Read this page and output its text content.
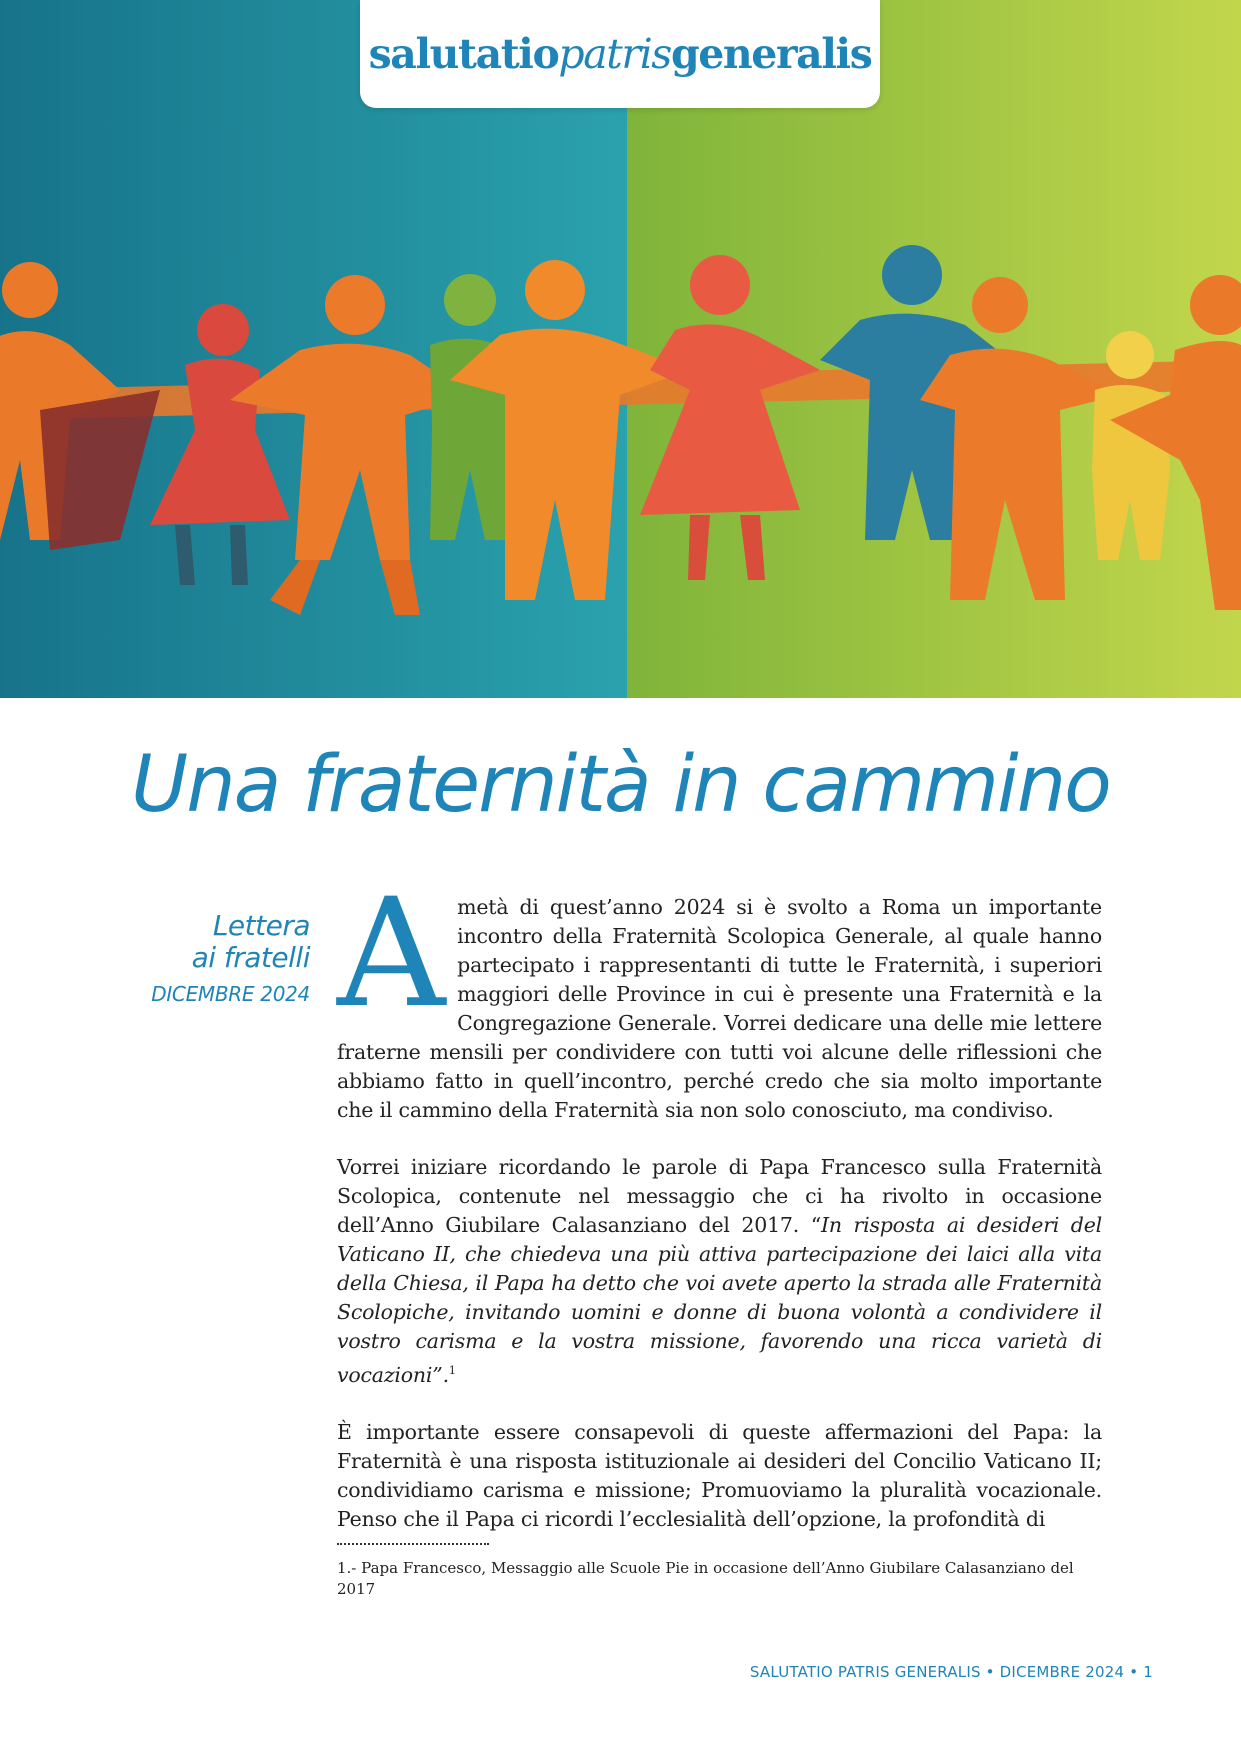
salutatiopatrisgeneralis
Una fraternità in cammino
Lettera
ai fratelli
DICEMBRE 2024 A metà di quest’anno 2024 si è svolto a Roma un importante incontro della Fraternità Scolopica Generale, al quale hanno partecipato i rappresentanti di tutte le Fraternità, i superiori maggiori delle Province in cui è presente una Fraternità e la Congregazione Generale. Vorrei dedicare una delle mie lettere fraterne mensili per condividere con tutti voi alcune delle riflessioni che abbiamo fatto in quell’incontro, perché credo che sia molto importante che il cammino della Fraternità sia non solo conosciuto, ma condiviso.

Vorrei iniziare ricordando le parole di Papa Francesco sulla Fraternità Scolopica, contenute nel messaggio che ci ha rivolto in occasione dell’Anno Giubilare Calasanziano del 2017. “In risposta ai desideri del Vaticano II, che chiedeva una più attiva partecipazione dei laici alla vita della Chiesa, il Papa ha detto che voi avete aperto la strada alle Fraternità Scolopiche, invitando uomini e donne di buona volontà a condividere il vostro carisma e la vostra missione, favorendo una ricca varietà di vocazioni”.$^1$

È importante essere consapevoli di queste affermazioni del Papa: la Fraternità è una risposta istituzionale ai desideri del Concilio Vaticano II; condividiamo carisma e missione; Promuoviamo la pluralità vocazionale. Penso che il Papa ci ricordi l’ecclesialità dell’opzione, la profondità di

1.- Papa Francesco, Messaggio alle Scuole Pie in occasione dell’Anno Giubilare Calasanziano del 2017
SALUTATIO PATRIS GENERALIS • DICEMBRE 2024 • 1
